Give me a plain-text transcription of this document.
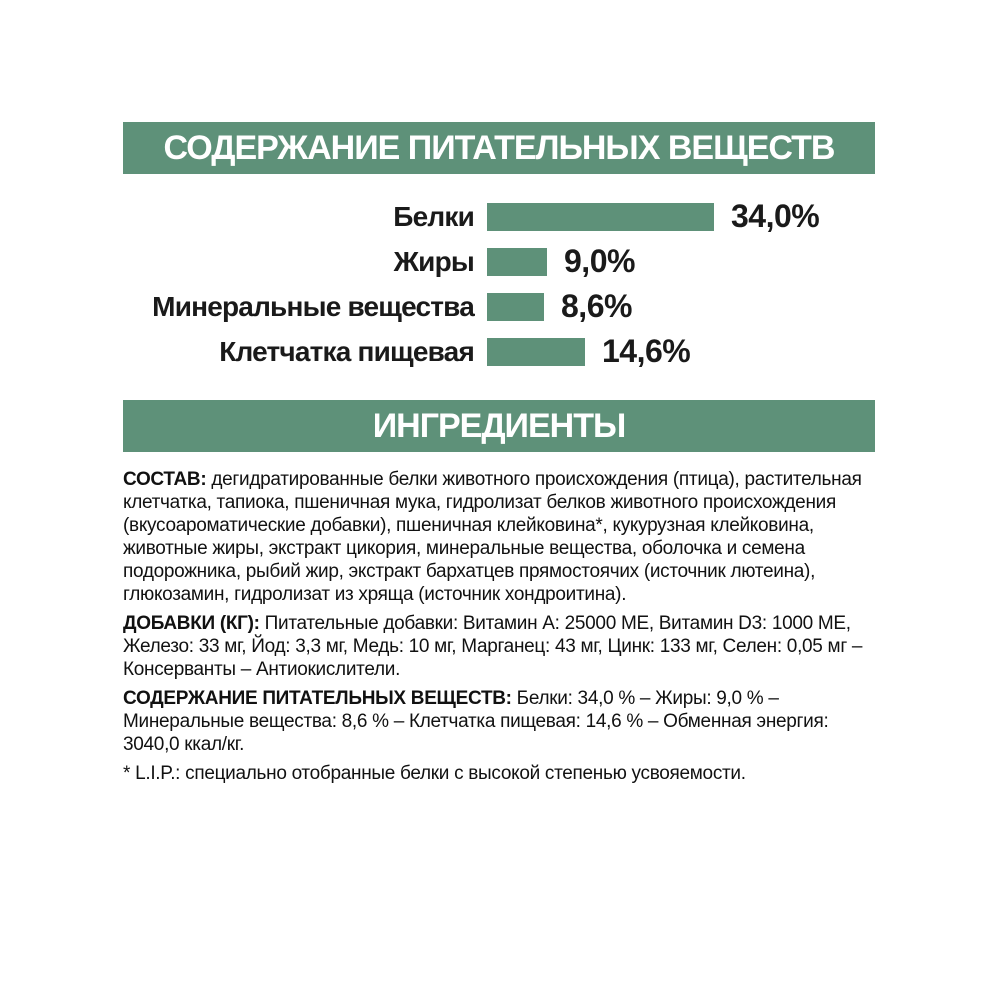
СОДЕРЖАНИЕ ПИТАТЕЛЬНЫХ ВЕЩЕСТВ
Белки	34,0%
Жиры	9,0%
Минеральные вещества	8,6%
Клетчатка пищевая	14,6%
ИНГРЕДИЕНТЫ

СОСТАВ: дегидратированные белки животного происхождения (птица), растительная клетчатка, тапиока, пшеничная мука, гидролизат белков животного происхождения (вкусоароматические добавки), пшеничная клейковина*, кукурузная клейковина, животные жиры, экстракт цикория, минеральные вещества, оболочка и семена подорожника, рыбий жир, экстракт бархатцев прямостоячих (источник лютеина), глюкозамин, гидролизат из хряща (источник хондроитина).

ДОБАВКИ (КГ): Питательные добавки: Витамин A: 25000 МЕ, Витамин D3: 1000 МЕ, Железо: 33 мг, Йод: 3,3 мг, Медь: 10 мг, Марганец: 43 мг, Цинк: 133 мг, Селен: 0,05 мг – Консерванты – Антиокислители.

СОДЕРЖАНИЕ ПИТАТЕЛЬНЫХ ВЕЩЕСТВ: Белки: 34,0 % – Жиры: 9,0 % – Минеральные вещества: 8,6 % – Клетчатка пищевая: 14,6 % – Обменная энергия: 3040,0 ккал/кг.

* L.I.P.: специально отобранные белки с высокой степенью усвояемости.
